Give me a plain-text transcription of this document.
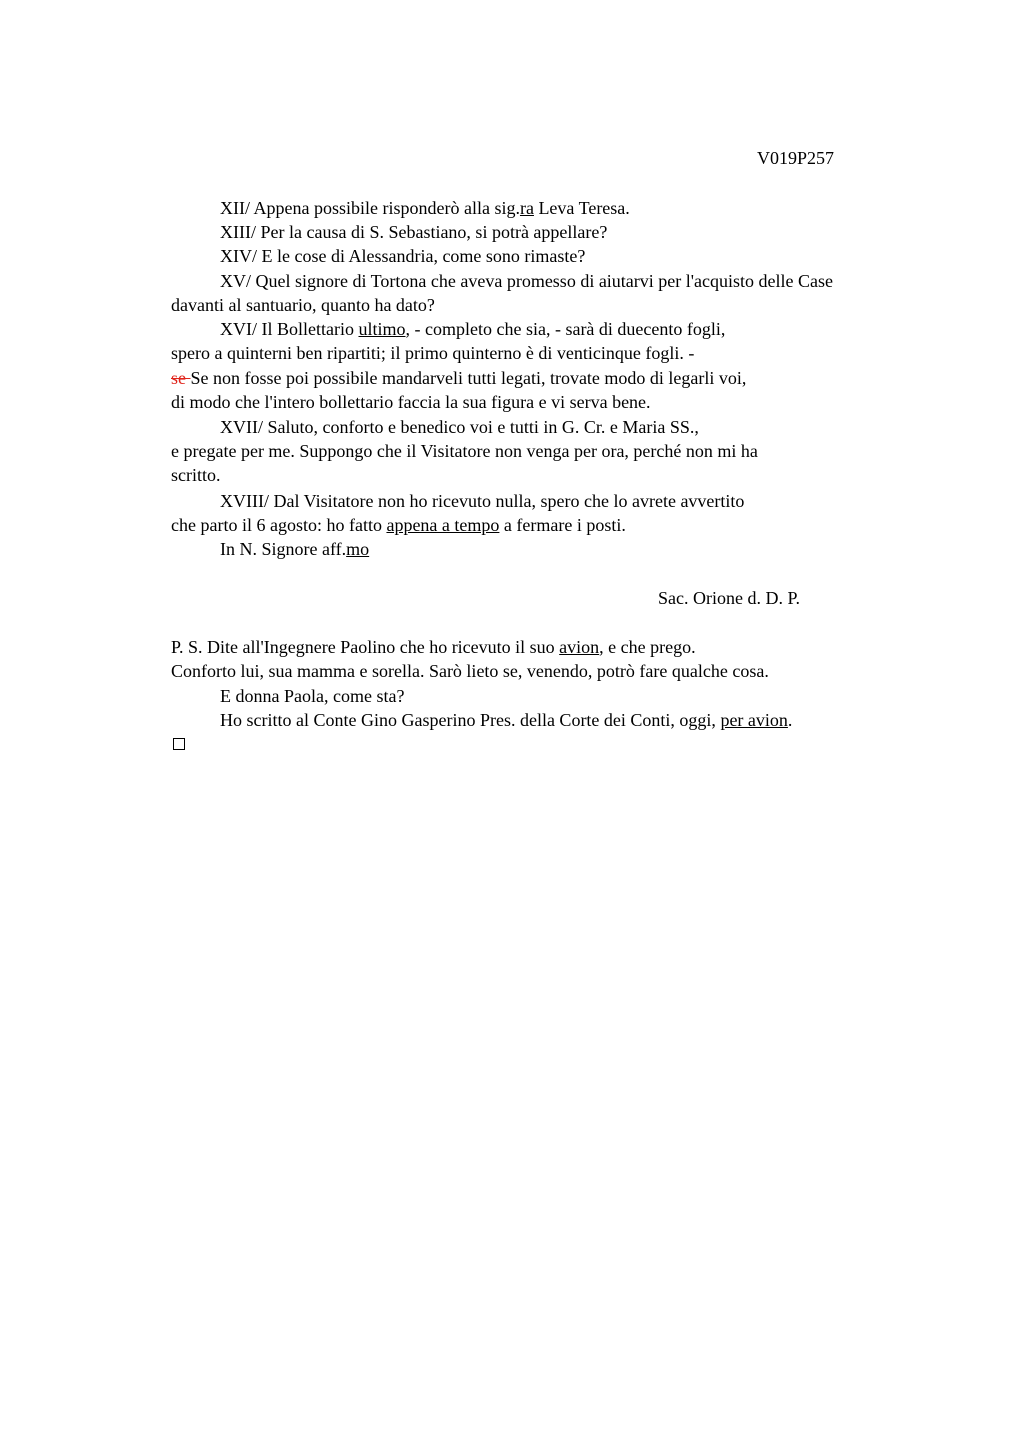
V019P257
XII/ Appena possibile risponderò alla sig.ra Leva Teresa.
XIII/ Per la causa di S. Sebastiano, si potrà appellare?
XIV/ E le cose di Alessandria, come sono rimaste?
XV/ Quel signore di Tortona che aveva promesso di aiutarvi per l'acquisto delle Case
davanti al santuario, quanto ha dato?
XVI/ Il Bollettario ultimo, - completo che sia, - sarà di duecento fogli,
spero a quinterni ben ripartiti; il primo quinterno è di venticinque fogli. -
se Se non fosse poi possibile mandarveli tutti legati, trovate modo di legarli voi,
di modo che l'intero bollettario faccia la sua figura e vi serva bene.
XVII/ Saluto, conforto e benedico voi e tutti in G. Cr. e Maria SS.,
e pregate per me. Suppongo che il Visitatore non venga per ora, perché non mi ha
scritto.
XVIII/ Dal Visitatore non ho ricevuto nulla, spero che lo avrete avvertito
che parto il 6 agosto: ho fatto appena a tempo a fermare i posti.
In N. Signore aff.mo
Sac. Orione d. D. P.
P. S. Dite all'Ingegnere Paolino che ho ricevuto il suo avion, e che prego.
Conforto lui, sua mamma e sorella. Sarò lieto se, venendo, potrò fare qualche cosa.
E donna Paola, come sta?
Ho scritto al Conte Gino Gasperino Pres. della Corte dei Conti, oggi, per avion.
